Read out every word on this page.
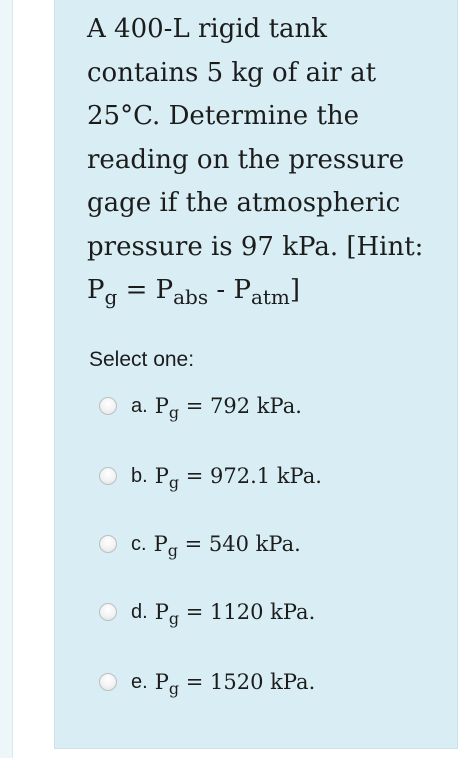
A 400-L rigid tank
contains 5 kg of air at
25°C. Determine the
reading on the pressure
gage if the atmospheric
pressure is 97 kPa. [Hint:
$P_g = P_{abs} - P_{atm}$]
Select one:
a. $P_g = 792$ kPa.
b. $P_g = 972.1$ kPa.
c. $P_g = 540$ kPa.
d. $P_g = 1120$ kPa.
e. $P_g = 1520$ kPa.
